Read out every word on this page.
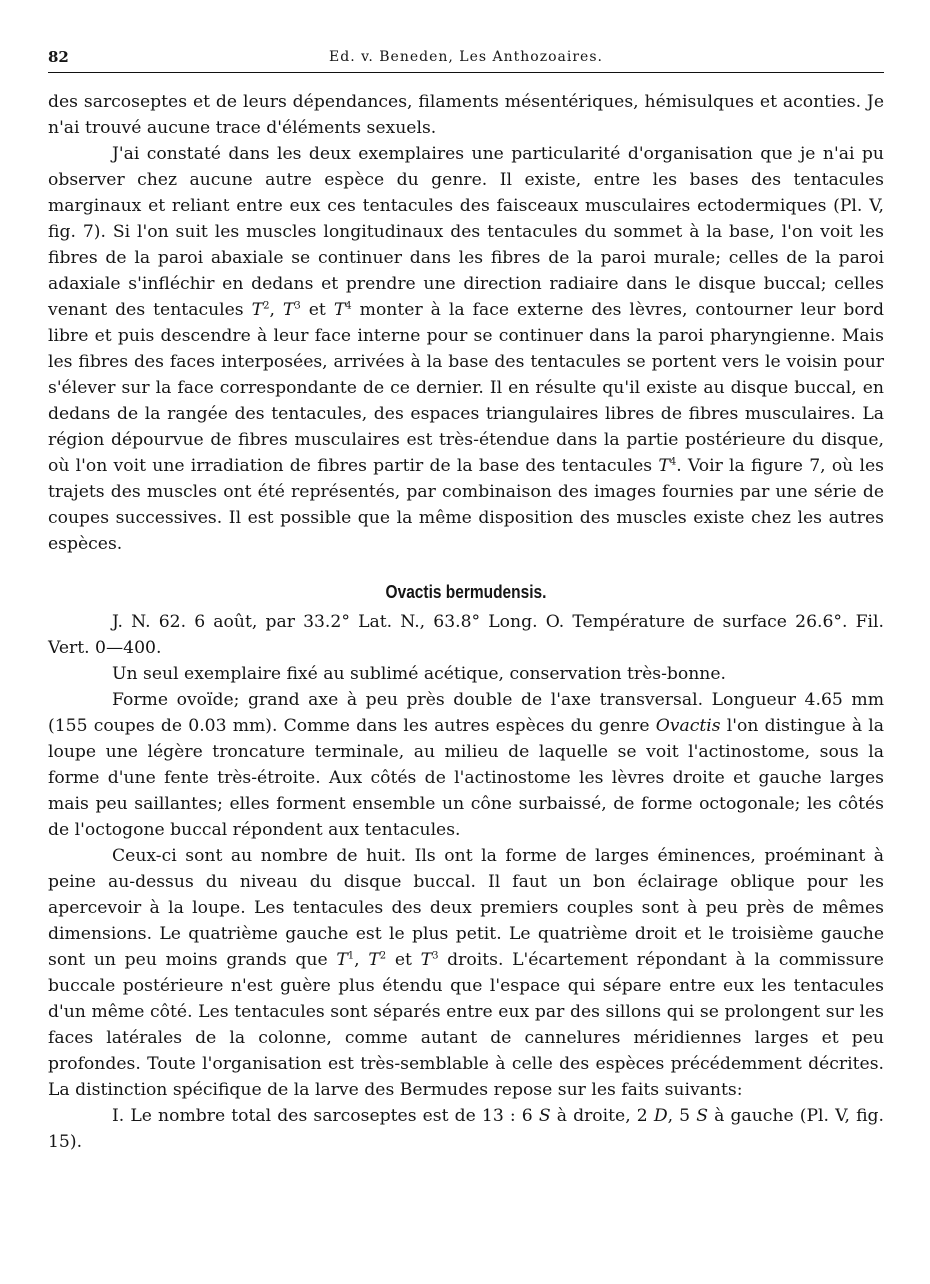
82	Ed. v. Beneden, Les Anthozoaires.

des sarcoseptes et de leurs dépendances, filaments mésentériques, hémisulques et aconties. Je n'ai trouvé aucune trace d'éléments sexuels.

J'ai constaté dans les deux exemplaires une particularité d'organisation que je n'ai pu observer chez aucune autre espèce du genre. Il existe, entre les bases des tentacules marginaux et reliant entre eux ces tentacules des faisceaux musculaires ectodermiques (Pl. V, fig. 7). Si l'on suit les muscles longitudinaux des tentacules du sommet à la base, l'on voit les fibres de la paroi abaxiale se continuer dans les fibres de la paroi murale; celles de la paroi adaxiale s'infléchir en dedans et prendre une direction radiaire dans le disque buccal; celles venant des tentacules $T^2$, $T^3$ et $T^4$ monter à la face externe des lèvres, contourner leur bord libre et puis descendre à leur face interne pour se continuer dans la paroi pharyngienne. Mais les fibres des faces interposées, arrivées à la base des tentacules se portent vers le voisin pour s'élever sur la face correspondante de ce dernier. Il en résulte qu'il existe au disque buccal, en dedans de la rangée des tentacules, des espaces triangulaires libres de fibres musculaires. La région dépourvue de fibres musculaires est très-étendue dans la partie postérieure du disque, où l'on voit une irradiation de fibres partir de la base des tentacules $T^4$. Voir la figure 7, où les trajets des muscles ont été représentés, par combinaison des images fournies par une série de coupes successives. Il est possible que la même disposition des muscles existe chez les autres espèces.

Ovactis bermudensis.

J. N. 62. 6 août, par 33.2° Lat. N., 63.8° Long. O. Température de surface 26.6°. Fil. Vert. 0—400.

Un seul exemplaire fixé au sublimé acétique, conservation très-bonne.

Forme ovoïde; grand axe à peu près double de l'axe transversal. Longueur 4.65 mm (155 coupes de 0.03 mm). Comme dans les autres espèces du genre Ovactis l'on distingue à la loupe une légère troncature terminale, au milieu de laquelle se voit l'actinostome, sous la forme d'une fente très-étroite. Aux côtés de l'actinostome les lèvres droite et gauche larges mais peu saillantes; elles forment ensemble un cône surbaissé, de forme octogonale; les côtés de l'octogone buccal répondent aux tentacules.

Ceux-ci sont au nombre de huit. Ils ont la forme de larges éminences, proéminant à peine au-dessus du niveau du disque buccal. Il faut un bon éclairage oblique pour les apercevoir à la loupe. Les tentacules des deux premiers couples sont à peu près de mêmes dimensions. Le quatrième gauche est le plus petit. Le quatrième droit et le troisième gauche sont un peu moins grands que $T^1$, $T^2$ et $T^3$ droits. L'écartement répondant à la commissure buccale postérieure n'est guère plus étendu que l'espace qui sépare entre eux les tentacules d'un même côté. Les tentacules sont séparés entre eux par des sillons qui se prolongent sur les faces latérales de la colonne, comme autant de cannelures méridiennes larges et peu profondes. Toute l'organisation est très-semblable à celle des espèces précédemment décrites. La distinction spécifique de la larve des Bermudes repose sur les faits suivants:

I. Le nombre total des sarcoseptes est de 13 : 6 S à droite, 2 D, 5 S à gauche (Pl. V, fig. 15).
